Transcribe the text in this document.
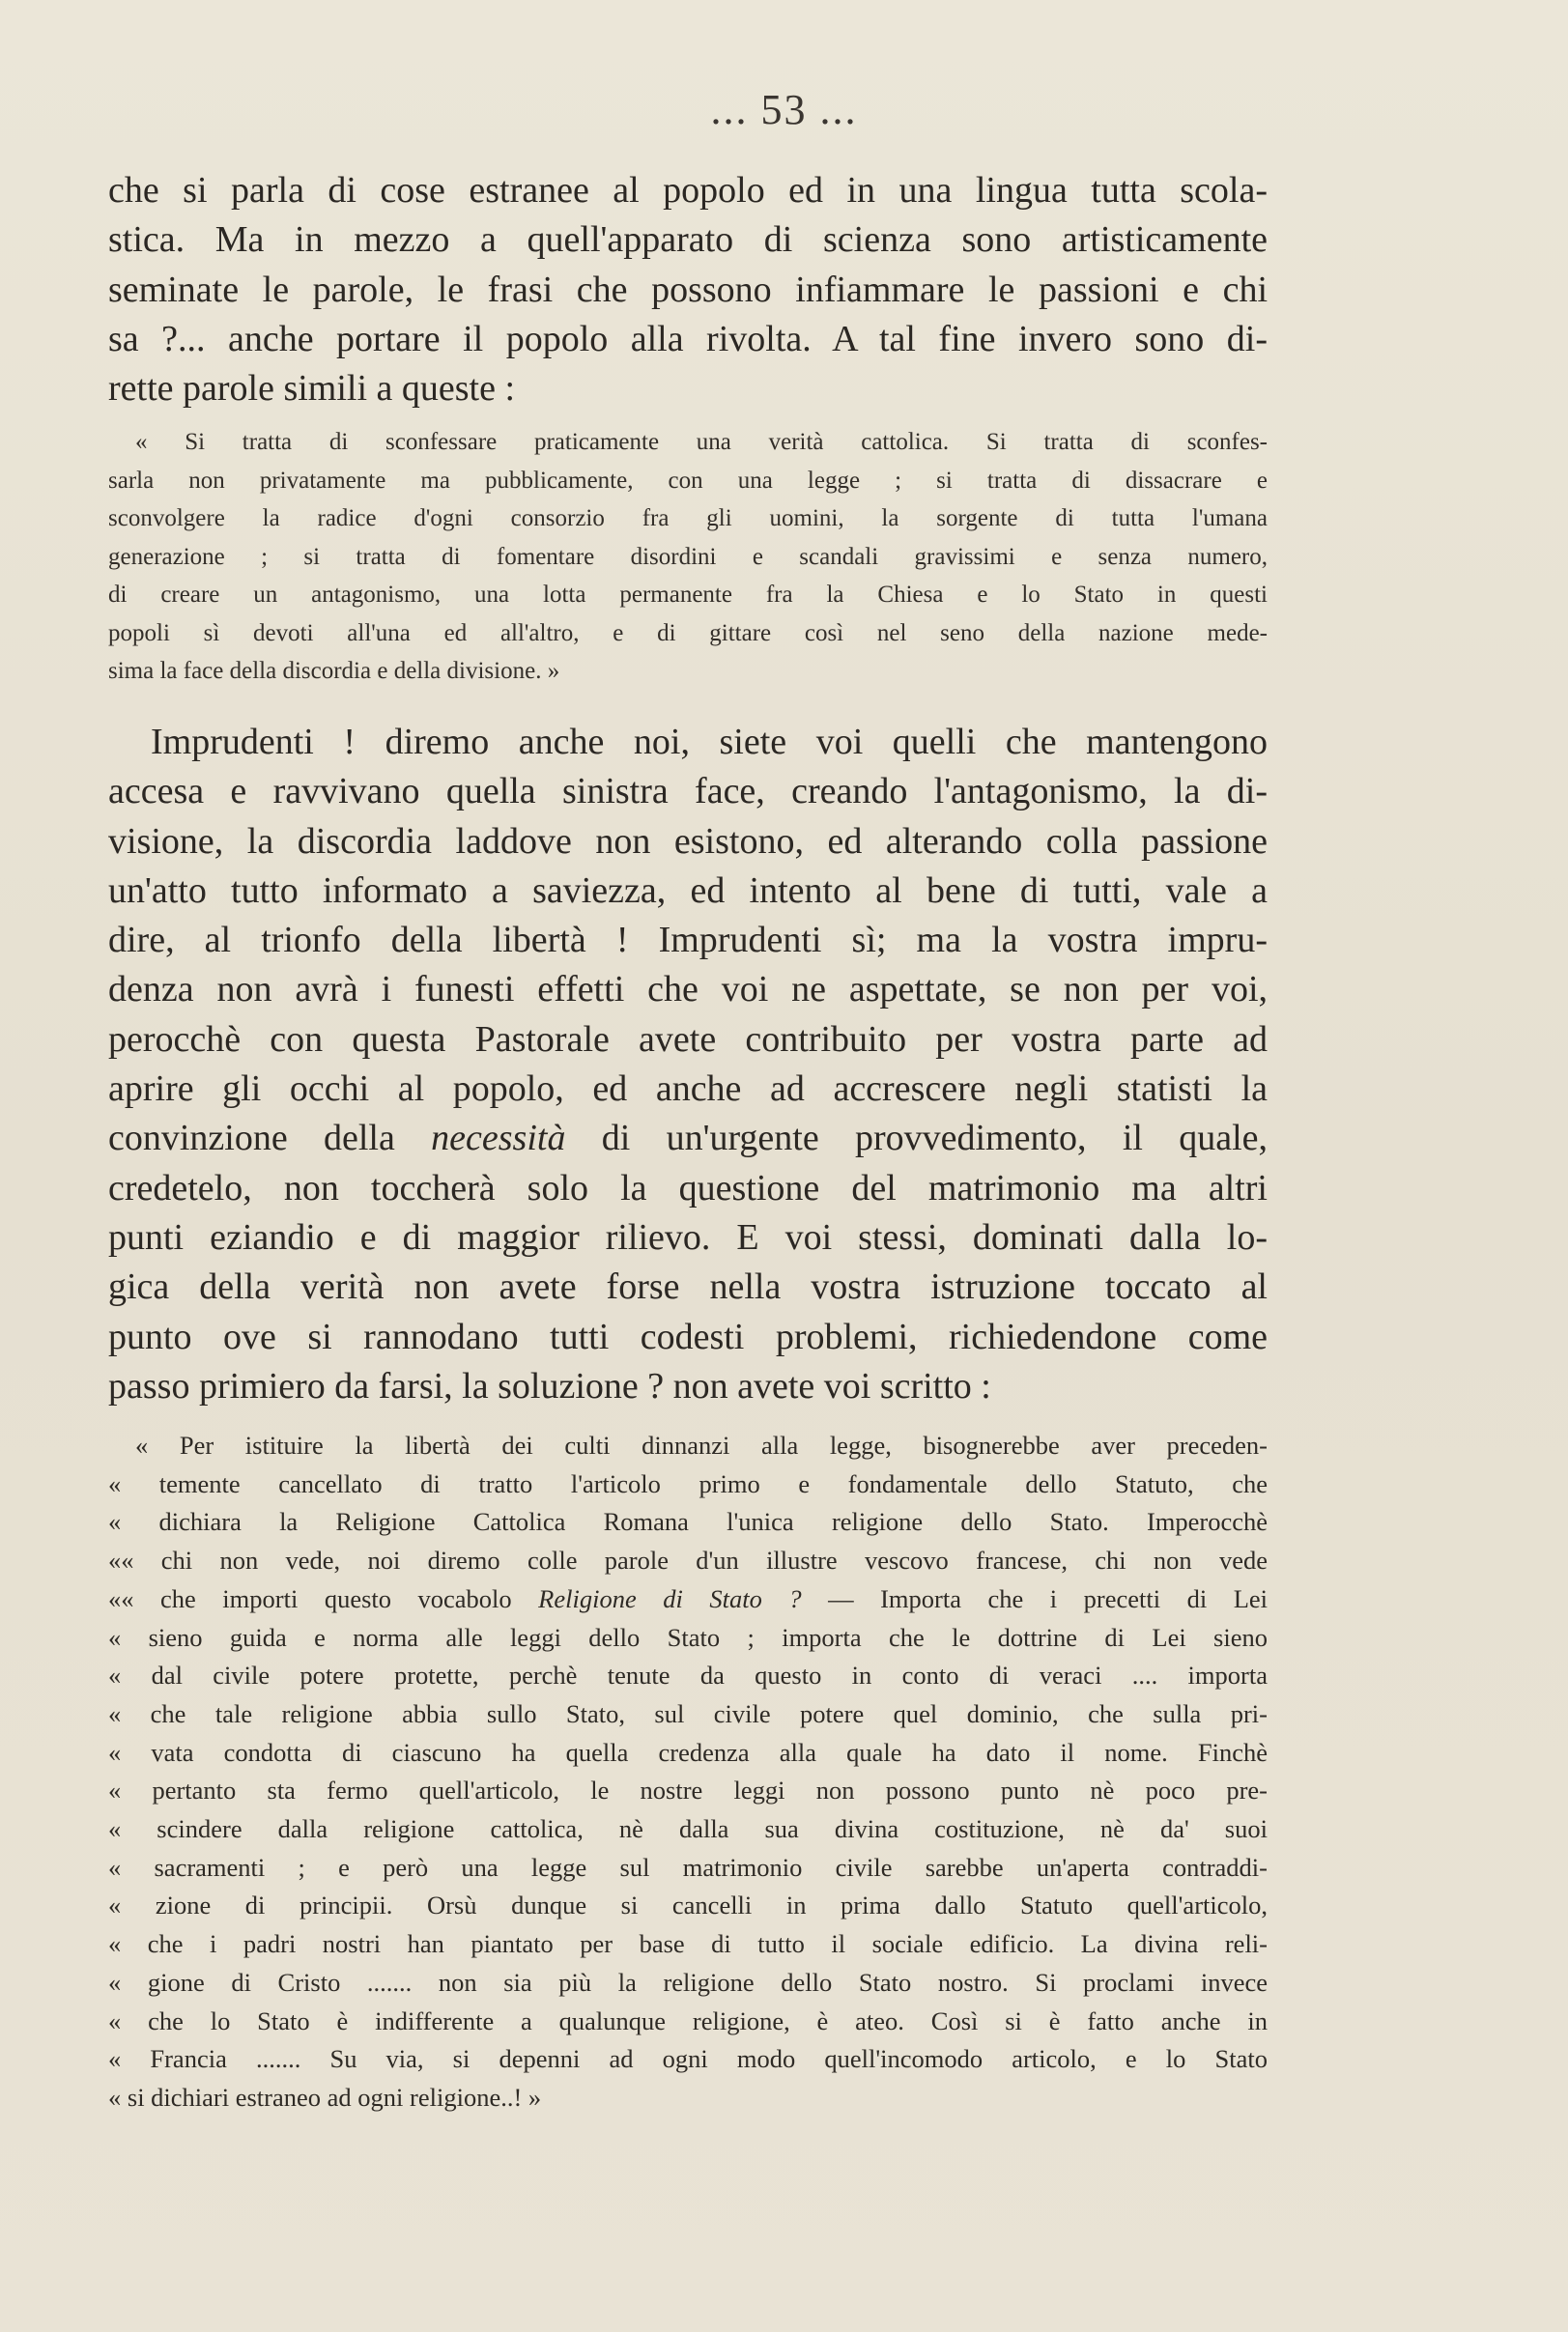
... 53 ...

che si parla di cose estranee al popolo ed in una lingua tutta scola-
stica. Ma in mezzo a quell'apparato di scienza sono artisticamente
seminate le parole, le frasi che possono infiammare le passioni e chi
sa ?... anche portare il popolo alla rivolta. A tal fine invero sono di-
rette parole simili a queste :

« Si tratta di sconfessare praticamente una verità cattolica. Si tratta di sconfes-
sarla non privatamente ma pubblicamente, con una legge ; si tratta di dissacrare e
sconvolgere la radice d'ogni consorzio fra gli uomini, la sorgente di tutta l'umana
generazione ; si tratta di fomentare disordini e scandali gravissimi e senza numero,
di creare un antagonismo, una lotta permanente fra la Chiesa e lo Stato in questi
popoli sì devoti all'una ed all'altro, e di gittare così nel seno della nazione mede-
sima la face della discordia e della divisione. »

Imprudenti ! diremo anche noi, siete voi quelli che mantengono
accesa e ravvivano quella sinistra face, creando l'antagonismo, la di-
visione, la discordia laddove non esistono, ed alterando colla passione
un'atto tutto informato a saviezza, ed intento al bene di tutti, vale a
dire, al trionfo della libertà ! Imprudenti sì; ma la vostra impru-
denza non avrà i funesti effetti che voi ne aspettate, se non per voi,
perocchè con questa Pastorale avete contribuito per vostra parte ad
aprire gli occhi al popolo, ed anche ad accrescere negli statisti la
convinzione della necessità di un'urgente provvedimento, il quale,
credetelo, non toccherà solo la questione del matrimonio ma altri
punti eziandio e di maggior rilievo. E voi stessi, dominati dalla lo-
gica della verità non avete forse nella vostra istruzione toccato al
punto ove si rannodano tutti codesti problemi, richiedendone come
passo primiero da farsi, la soluzione ? non avete voi scritto :

« Per istituire la libertà dei culti dinnanzi alla legge, bisognerebbe aver preceden-
« temente cancellato di tratto l'articolo primo e fondamentale dello Statuto, che
« dichiara la Religione Cattolica Romana l'unica religione dello Stato. Imperocchè
«« chi non vede, noi diremo colle parole d'un illustre vescovo francese, chi non vede
«« che importi questo vocabolo Religione di Stato ? — Importa che i precetti di Lei
« sieno guida e norma alle leggi dello Stato ; importa che le dottrine di Lei sieno
« dal civile potere protette, perchè tenute da questo in conto di veraci .... importa
« che tale religione abbia sullo Stato, sul civile potere quel dominio, che sulla pri-
« vata condotta di ciascuno ha quella credenza alla quale ha dato il nome. Finchè
« pertanto sta fermo quell'articolo, le nostre leggi non possono punto nè poco pre-
« scindere dalla religione cattolica, nè dalla sua divina costituzione, nè da' suoi
« sacramenti ; e però una legge sul matrimonio civile sarebbe un'aperta contraddi-
« zione di principii. Orsù dunque si cancelli in prima dallo Statuto quell'articolo,
« che i padri nostri han piantato per base di tutto il sociale edificio. La divina reli-
« gione di Cristo ....... non sia più la religione dello Stato nostro. Si proclami invece
« che lo Stato è indifferente a qualunque religione, è ateo. Così si è fatto anche in
« Francia ....... Su via, si depenni ad ogni modo quell'incomodo articolo, e lo Stato
« si dichiari estraneo ad ogni religione..! »
